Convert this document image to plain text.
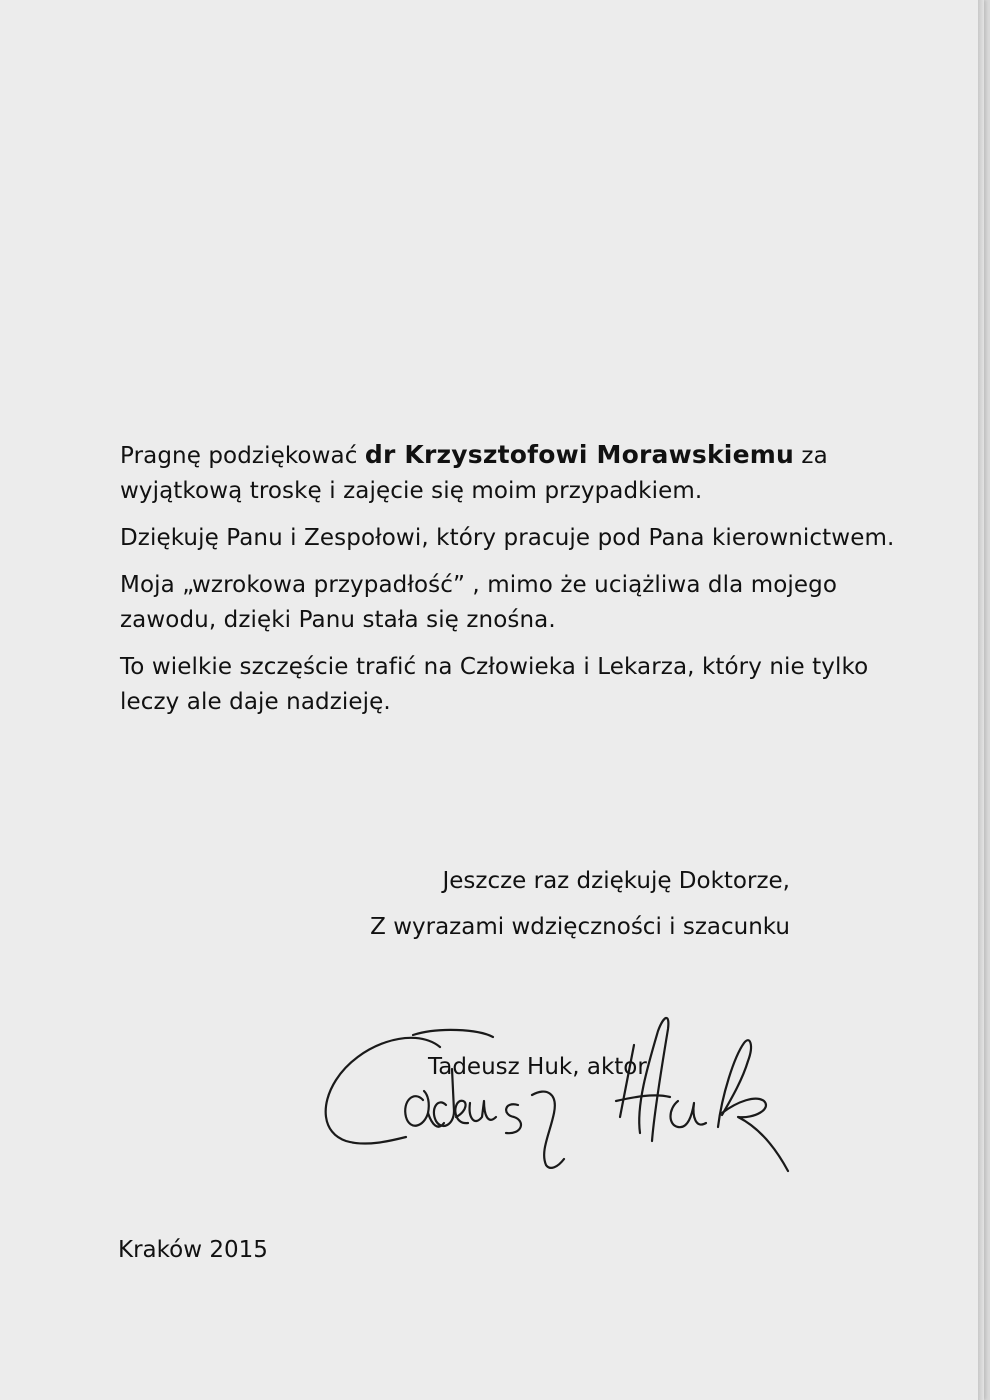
Pragnę podziękować dr Krzysztofowi Morawskiemu za wyjątkową troskę i zajęcie się moim przypadkiem.

Dziękuję Panu i Zespołowi, który pracuje pod Pana kierownictwem.

Moja „wzrokowa przypadłość” , mimo że uciążliwa dla mojego zawodu, dzięki Panu stała się znośna.

To wielkie szczęście trafić na Człowieka i Lekarza, który nie tylko leczy ale daje nadzieję.

Jeszcze raz dziękuję Doktorze,
Z wyrazami wdzięczności i szacunku
Tadeusz Huk, aktor
Kraków 2015
